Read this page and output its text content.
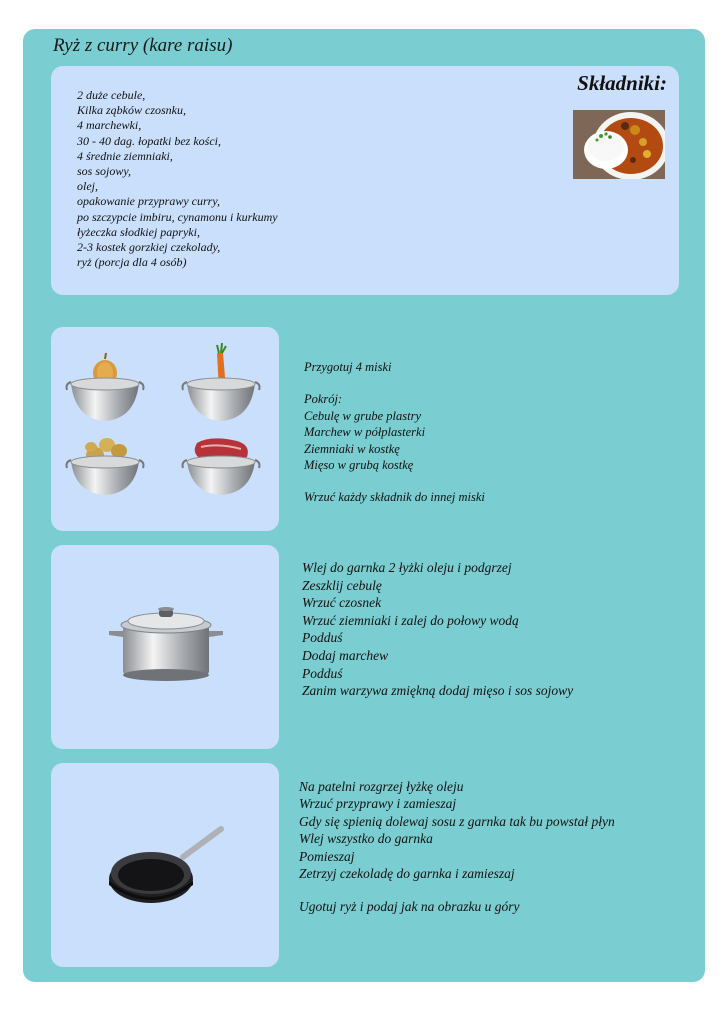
Ryż z curry (kare raisu)
2 duże cebule,
Kilka ząbków czosnku,
4 marchewki,
30 - 40 dag. łopatki bez kości,
4 średnie ziemniaki,
sos sojowy,
olej,
opakowanie przyprawy curry,
po szczypcie imbiru, cynamonu i kurkumy
łyżeczka słodkiej papryki,
2-3 kostek gorzkiej czekolady,
ryż (porcja dla 4 osób)
Składniki:
Przygotuj 4 miski
Pokrój:
Cebulę w grube plastry
Marchew w półplasterki
Ziemniaki w kostkę
Mięso w grubą kostkę
Wrzuć każdy składnik do innej miski
Wlej do garnka 2 łyżki oleju i podgrzej
Zeszklij cebulę
Wrzuć czosnek
Wrzuć ziemniaki i zalej do połowy wodą
Podduś
Dodaj marchew
Podduś
Zanim warzywa zmiękną dodaj mięso i sos sojowy
Na patelni rozgrzej łyżkę oleju
Wrzuć przyprawy i zamieszaj
Gdy się spienią dolewaj sosu z garnka tak bu powstał płyn
Wlej wszystko do garnka
Pomieszaj
Zetrzyj czekoladę do garnka i zamieszaj
Ugotuj ryż i podaj jak na obrazku u góry
